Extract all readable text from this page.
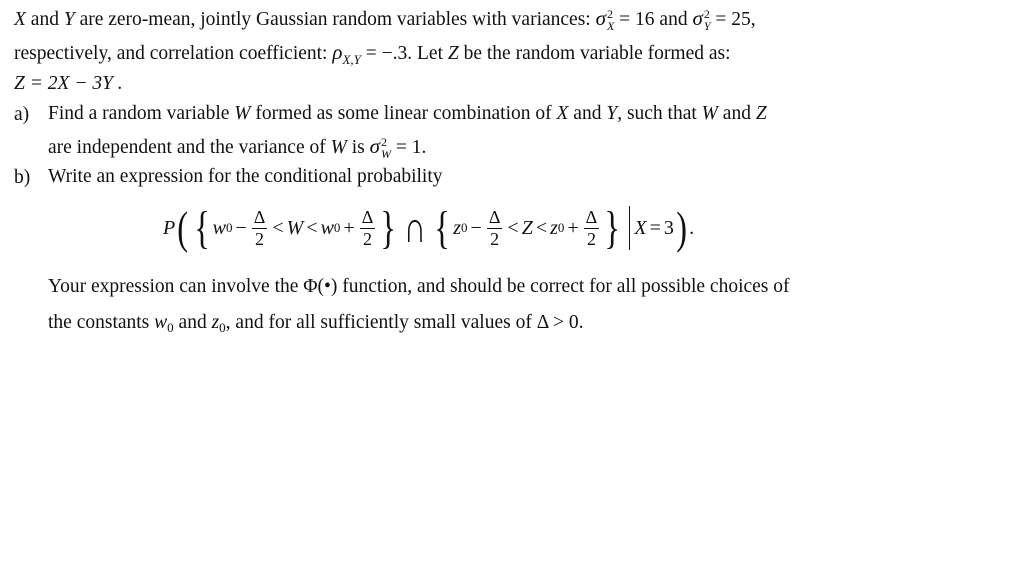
X and Y are zero-mean, jointly Gaussian random variables with variances: σ 2
X = 16 and σ 2
Y = 25,
respectively, and correlation coefficient: $\rho_{X,Y} = -.3$. Let Z be the random variable formed as:
Z = 2X − 3Y .
a) Find a random variable W formed as some linear combination of X and Y, such that W and Z
are independent and the variance of W is σ 2
W = 1.
b) Write an expression for the conditional probability
P ( { w $0 - \frac{\Delta}{2} < W < w$ $0 + \frac{\Delta}{2}$ } ∩ { z $0 - \frac{\Delta}{2} < Z < z$ $0 + \frac{\Delta}{2}$ } X = 3 ) .
Your expression can involve the Φ(•) function, and should be correct for all possible choices of
the constants $w_0$ and $z_0$, and for all sufficiently small values of Δ > 0.
